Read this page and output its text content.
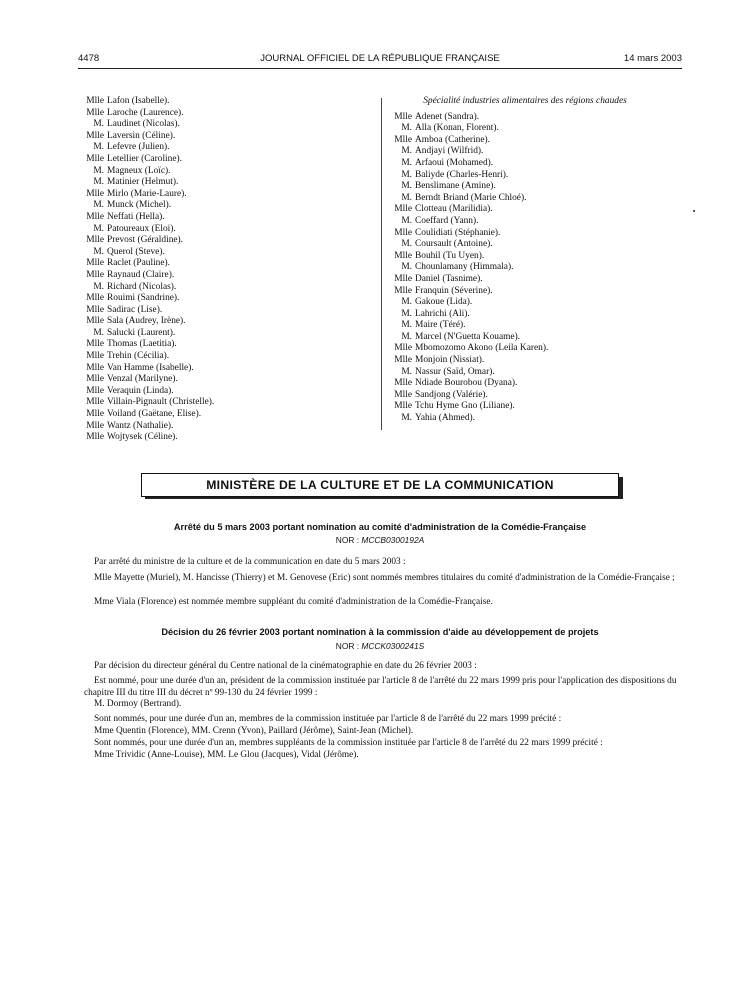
4478	JOURNAL OFFICIEL DE LA RÉPUBLIQUE FRANÇAISE	14 mars 2003
Mlle Lafon (Isabelle).
Mlle Laroche (Laurence).
M. Laudinet (Nicolas).
Mlle Laversin (Céline).
M. Lefevre (Julien).
Mlle Letellier (Caroline).
M. Magneux (Loïc).
M. Matinier (Helmut).
Mlle Mirlo (Marie-Laure).
M. Munck (Michel).
Mlle Neffati (Hella).
M. Patoureaux (Eloi).
Mlle Prevost (Géraldine).
M. Querol (Steve).
Mlle Raclet (Pauline).
Mlle Raynaud (Claire).
M. Richard (Nicolas).
Mlle Rouimi (Sandrine).
Mlle Sadirac (Lise).
Mlle Sala (Audrey, Irène).
M. Salucki (Laurent).
Mlle Thomas (Laetitia).
Mlle Trehin (Cécilia).
Mlle Van Hamme (Isabelle).
Mlle Venzal (Marilyne).
Mlle Veraquin (Linda).
Mlle Villain-Pignault (Christelle).
Mlle Voiland (Gaëtane, Elise).
Mlle Wantz (Nathalie).
Mlle Wojtysek (Céline).
Spécialité industries alimentaires des régions chaudes
Mlle Adenet (Sandra).
M. Alla (Konan, Florent).
Mlle Amboa (Catherine).
M. Andjayi (Wilfrid).
M. Arfaoui (Mohamed).
M. Baliyde (Charles-Henri).
M. Benslimane (Amine).
M. Berndt Briand (Marie Chloé).
Mlle Clotteau (Marilidia).
M. Coeffard (Yann).
Mlle Coulidiati (Stéphanie).
M. Coursault (Antoine).
Mlle Bouhil (Tu Uyen).
M. Chounlamany (Himmala).
Mlle Daniel (Tasnime).
Mlle Franquin (Séverine).
M. Gakoue (Lida).
M. Lahrichi (Ali).
M. Maire (Téré).
M. Marcel (N'Guetta Kouame).
Mlle Mbomozomo Akono (Leila Karen).
Mlle Monjoin (Nissiat).
M. Nassur (Saïd, Omar).
Mlle Ndiade Bourobou (Dyana).
Mlle Sandjong (Valérie).
Mlle Tchu Hyme Gno (Liliane).
M. Yahia (Ahmed).
MINISTÈRE DE LA CULTURE ET DE LA COMMUNICATION
Arrêté du 5 mars 2003 portant nomination au comité d'administration de la Comédie-Française
NOR : MCCB0300192A
Par arrêté du ministre de la culture et de la communication en date du 5 mars 2003 :
Mlle Mayette (Muriel), M. Hancisse (Thierry) et M. Genovese (Eric) sont nommés membres titulaires du comité d'administration de la Comédie-Française ;
Mme Viala (Florence) est nommée membre suppléant du comité d'administration de la Comédie-Française.
Décision du 26 février 2003 portant nomination à la commission d'aide au développement de projets
NOR : MCCK0300241S
Par décision du directeur général du Centre national de la cinématographie en date du 26 février 2003 :
Est nommé, pour une durée d'un an, président de la commission instituée par l'article 8 de l'arrêté du 22 mars 1999 pris pour l'application des dispositions du chapitre III du titre III du décret nº 99-130 du 24 février 1999 :
M. Dormoy (Bertrand).
Sont nommés, pour une durée d'un an, membres de la commission instituée par l'article 8 de l'arrêté du 22 mars 1999 précité :
Mme Quentin (Florence), MM. Crenn (Yvon), Paillard (Jérôme), Saint-Jean (Michel).
Sont nommés, pour une durée d'un an, membres suppléants de la commission instituée par l'article 8 de l'arrêté du 22 mars 1999 précité :
Mme Trividic (Anne-Louise), MM. Le Glou (Jacques), Vidal (Jérôme).
